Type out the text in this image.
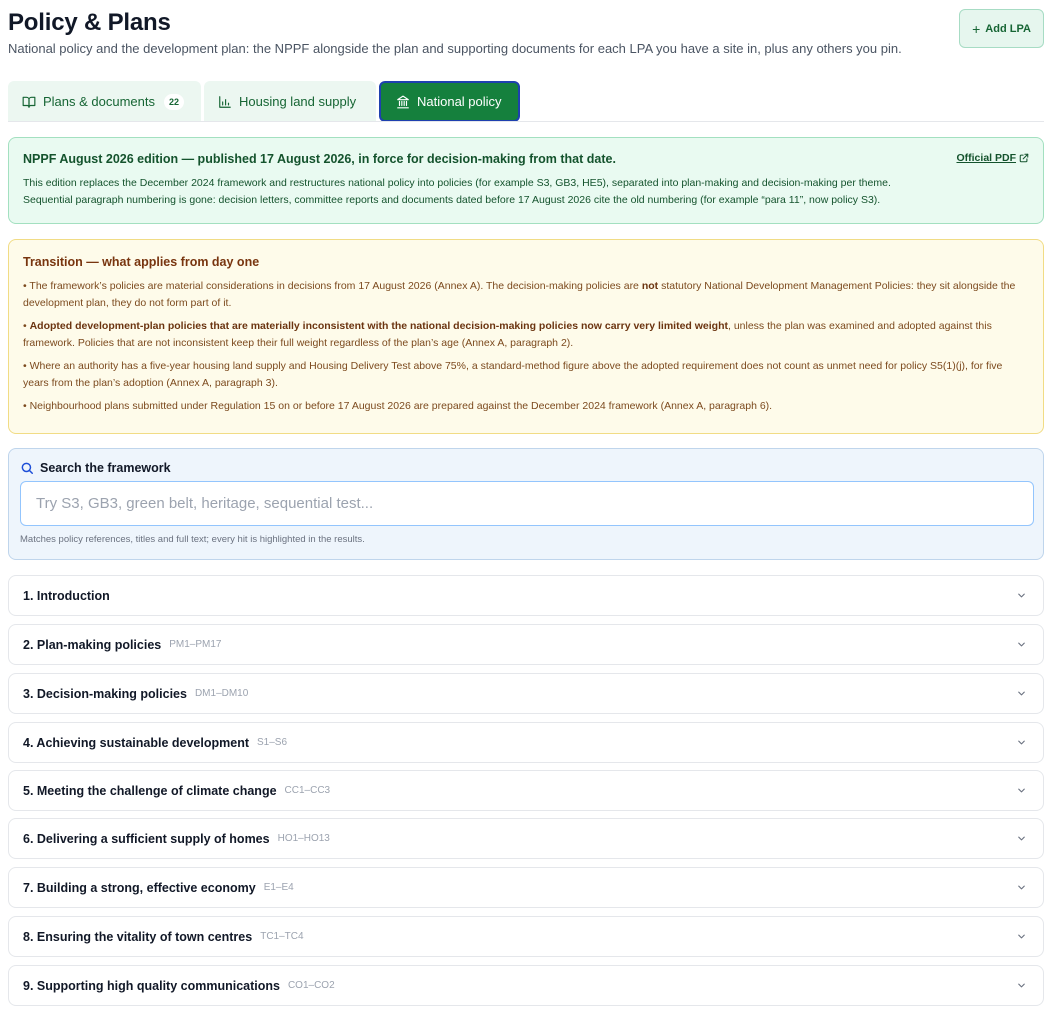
Policy & Plans

National policy and the development plan: the NPPF alongside the plan and supporting documents for each LPA you have a site in, plus any others you pin.

+ Add LPA
Plans & documents	22	Housing land supply	National policy
NPPF August 2026 edition — published 17 August 2026, in force for decision-making from that date.	Official PDF
This edition replaces the December 2024 framework and restructures national policy into policies (for example S3, GB3, HE5), separated into plan-making and decision-making per theme.
Sequential paragraph numbering is gone: decision letters, committee reports and documents dated before 17 August 2026 cite the old numbering (for example “para 11”, now policy S3).
Transition — what applies from day one

• The framework’s policies are material considerations in decisions from 17 August 2026 (Annex A). The decision-making policies are not statutory National Development Management Policies: they sit alongside the development plan, they do not form part of it.

• Adopted development-plan policies that are materially inconsistent with the national decision-making policies now carry very limited weight, unless the plan was examined and adopted against this framework. Policies that are not inconsistent keep their full weight regardless of the plan’s age (Annex A, paragraph 2).

• Where an authority has a five-year housing land supply and Housing Delivery Test above 75%, a standard-method figure above the adopted requirement does not count as unmet need for policy S5(1)(j), for five years from the plan’s adoption (Annex A, paragraph 3).

• Neighbourhood plans submitted under Regulation 15 on or before 17 August 2026 are prepared against the December 2024 framework (Annex A, paragraph 6).

Search the framework
Try S3, GB3, green belt, heritage, sequential test...
Matches policy references, titles and full text; every hit is highlighted in the results.
1. Introduction
2. Plan-making policies PM1–PM17
3. Decision-making policies DM1–DM10
4. Achieving sustainable development S1–S6
5. Meeting the challenge of climate change CC1–CC3
6. Delivering a sufficient supply of homes HO1–HO13
7. Building a strong, effective economy E1–E4
8. Ensuring the vitality of town centres TC1–TC4
9. Supporting high quality communications CO1–CO2
